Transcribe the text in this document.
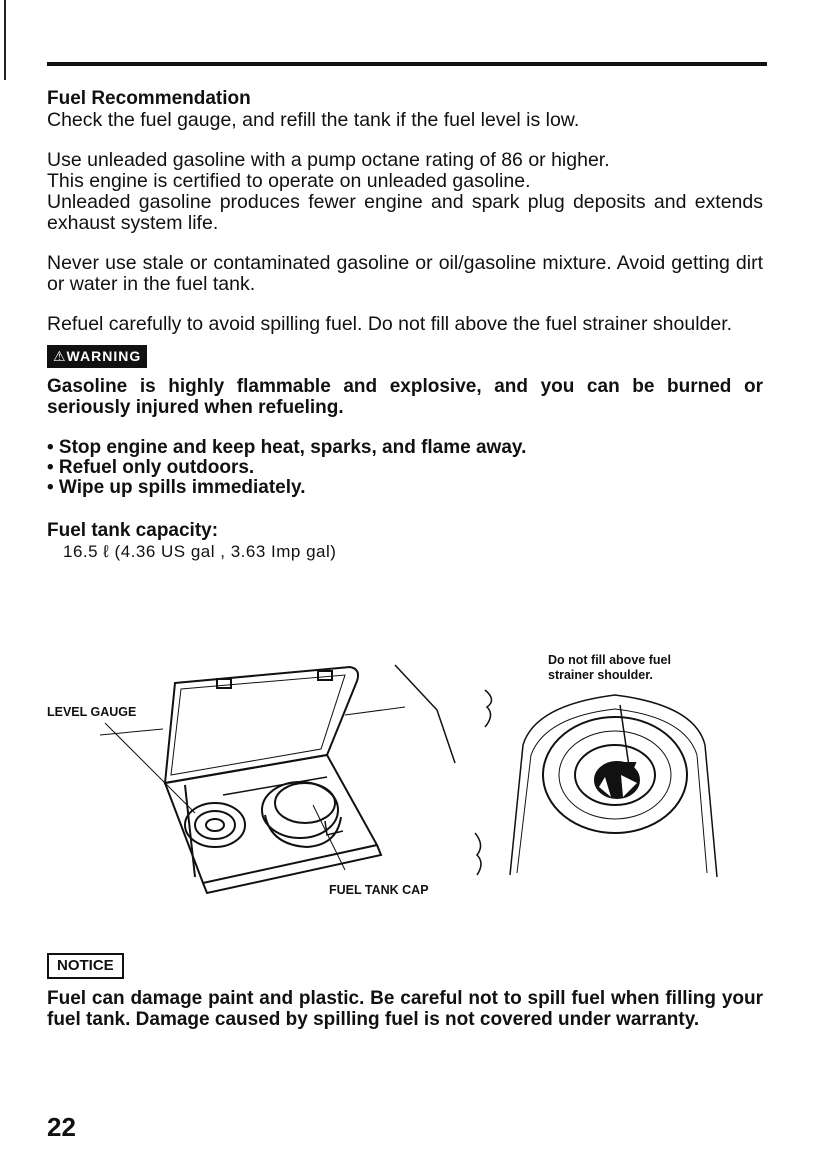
Fuel Recommendation

Check the fuel gauge, and refill the tank if the fuel level is low.

Use unleaded gasoline with a pump octane rating of 86 or higher.

This engine is certified to operate on unleaded gasoline.

Unleaded gasoline produces fewer engine and spark plug deposits and extends exhaust system life.

Never use stale or contaminated gasoline or oil/gasoline mixture. Avoid getting dirt or water in the fuel tank.

Refuel carefully to avoid spilling fuel. Do not fill above the fuel strainer shoulder.

⚠WARNING

Gasoline is highly flammable and explosive, and you can be burned or seriously injured when refueling.

• Stop engine and keep heat, sparks, and flame away.
• Refuel only outdoors.
• Wipe up spills immediately.

Fuel tank capacity:

16.5 ℓ (4.36 US gal , 3.63 Imp gal)

LEVEL GAUGE
FUEL TANK CAP
Do not fill above fuel
strainer shoulder.
NOTICE

Fuel can damage paint and plastic. Be careful not to spill fuel when filling your fuel tank. Damage caused by spilling fuel is not covered under warranty.

22
